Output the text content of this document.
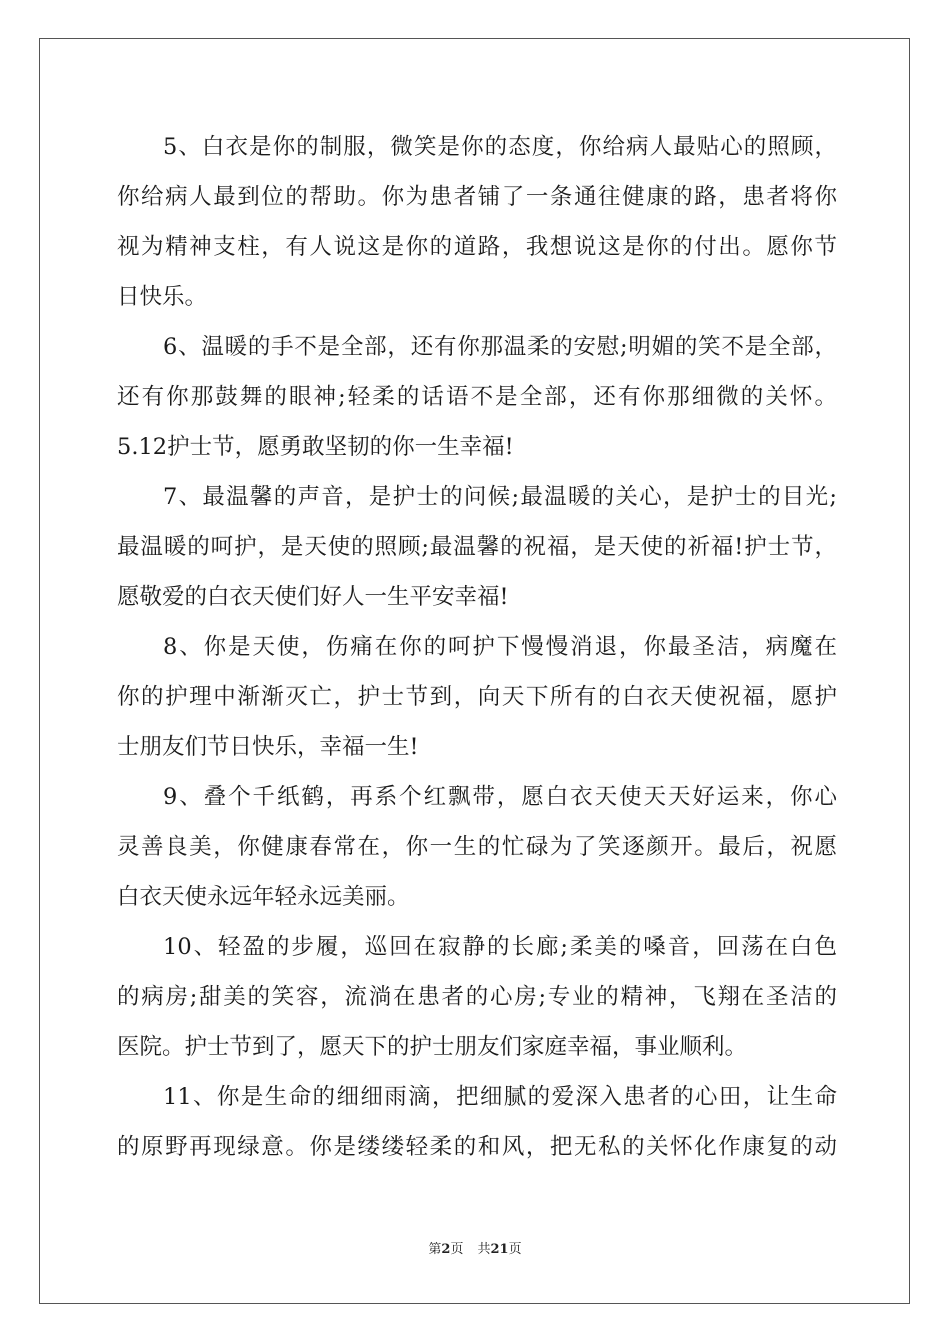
5、白衣是你的制服，微笑是你的态度，你给病人最贴心的照顾，
你给病人最到位的帮助。你为患者铺了一条通往健康的路，患者将你
视为精神支柱，有人说这是你的道路，我想说这是你的付出。愿你节
日快乐。
6、温暖的手不是全部，还有你那温柔的安慰;明媚的笑不是全部，
还有你那鼓舞的眼神;轻柔的话语不是全部，还有你那细微的关怀。
5.12护士节，愿勇敢坚韧的你一生幸福!
7、最温馨的声音，是护士的问候;最温暖的关心，是护士的目光;
最温暖的呵护，是天使的照顾;最温馨的祝福，是天使的祈福!护士节，
愿敬爱的白衣天使们好人一生平安幸福!
8、你是天使，伤痛在你的呵护下慢慢消退，你最圣洁，病魔在
你的护理中渐渐灭亡，护士节到，向天下所有的白衣天使祝福，愿护
士朋友们节日快乐，幸福一生!
9、叠个千纸鹤，再系个红飘带，愿白衣天使天天好运来，你心
灵善良美，你健康春常在，你一生的忙碌为了笑逐颜开。最后，祝愿
白衣天使永远年轻永远美丽。
10、轻盈的步履，巡回在寂静的长廊;柔美的嗓音，回荡在白色
的病房;甜美的笑容，流淌在患者的心房;专业的精神，飞翔在圣洁的
医院。护士节到了，愿天下的护士朋友们家庭幸福，事业顺利。
11、你是生命的细细雨滴，把细腻的爱深入患者的心田，让生命
的原野再现绿意。你是缕缕轻柔的和风，把无私的关怀化作康复的动
第2页 共21页
